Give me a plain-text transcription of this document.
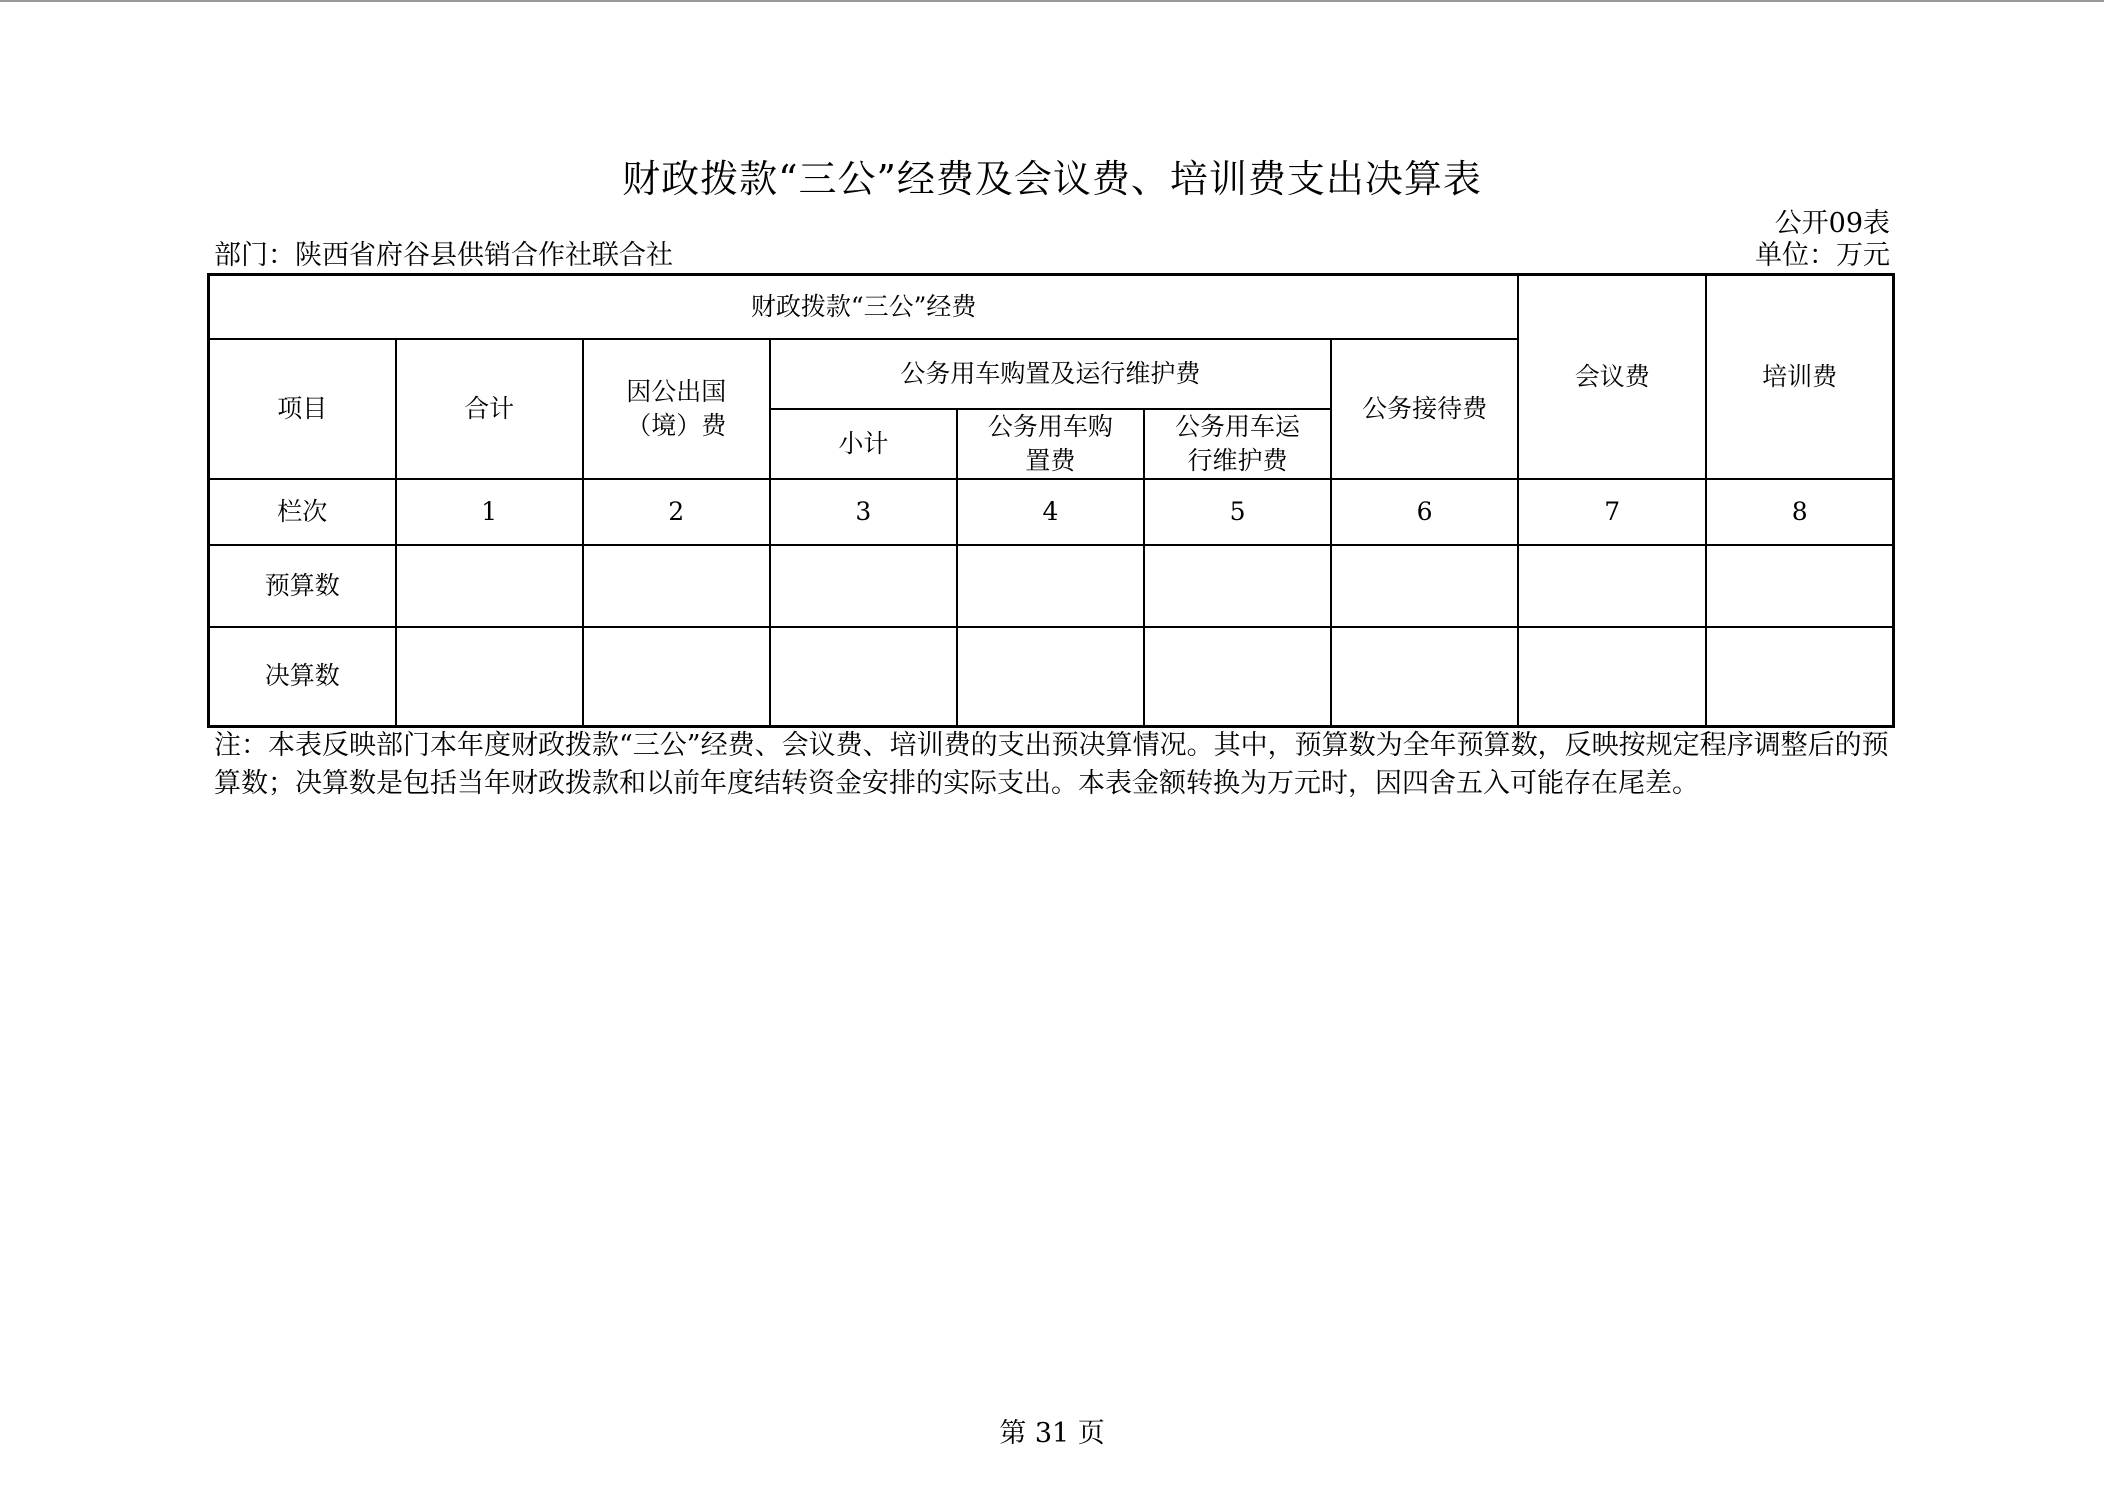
财政拨款“三公”经费及会议费、培训费支出决算表
公开09表
部门：陕西省府谷县供销合作社联合社	单位：万元
财政拨款“三公”经费							会议费	培训费
项目	合计	因公出国（境）费	公务用车购置及运行维护费			公务接待费		
			小计	公务用车购置费	公务用车运行维护费			
栏次	1	2	3	4	5	6	7	8
预算数								
决算数								
注：本表反映部门本年度财政拨款“三公”经费、会议费、培训费的支出预决算情况。其中，预算数为全年预算数，反映按规定程序调整后的预算数；决算数是包括当年财政拨款和以前年度结转资金安排的实际支出。本表金额转换为万元时，因四舍五入可能存在尾差。
第 31 页
